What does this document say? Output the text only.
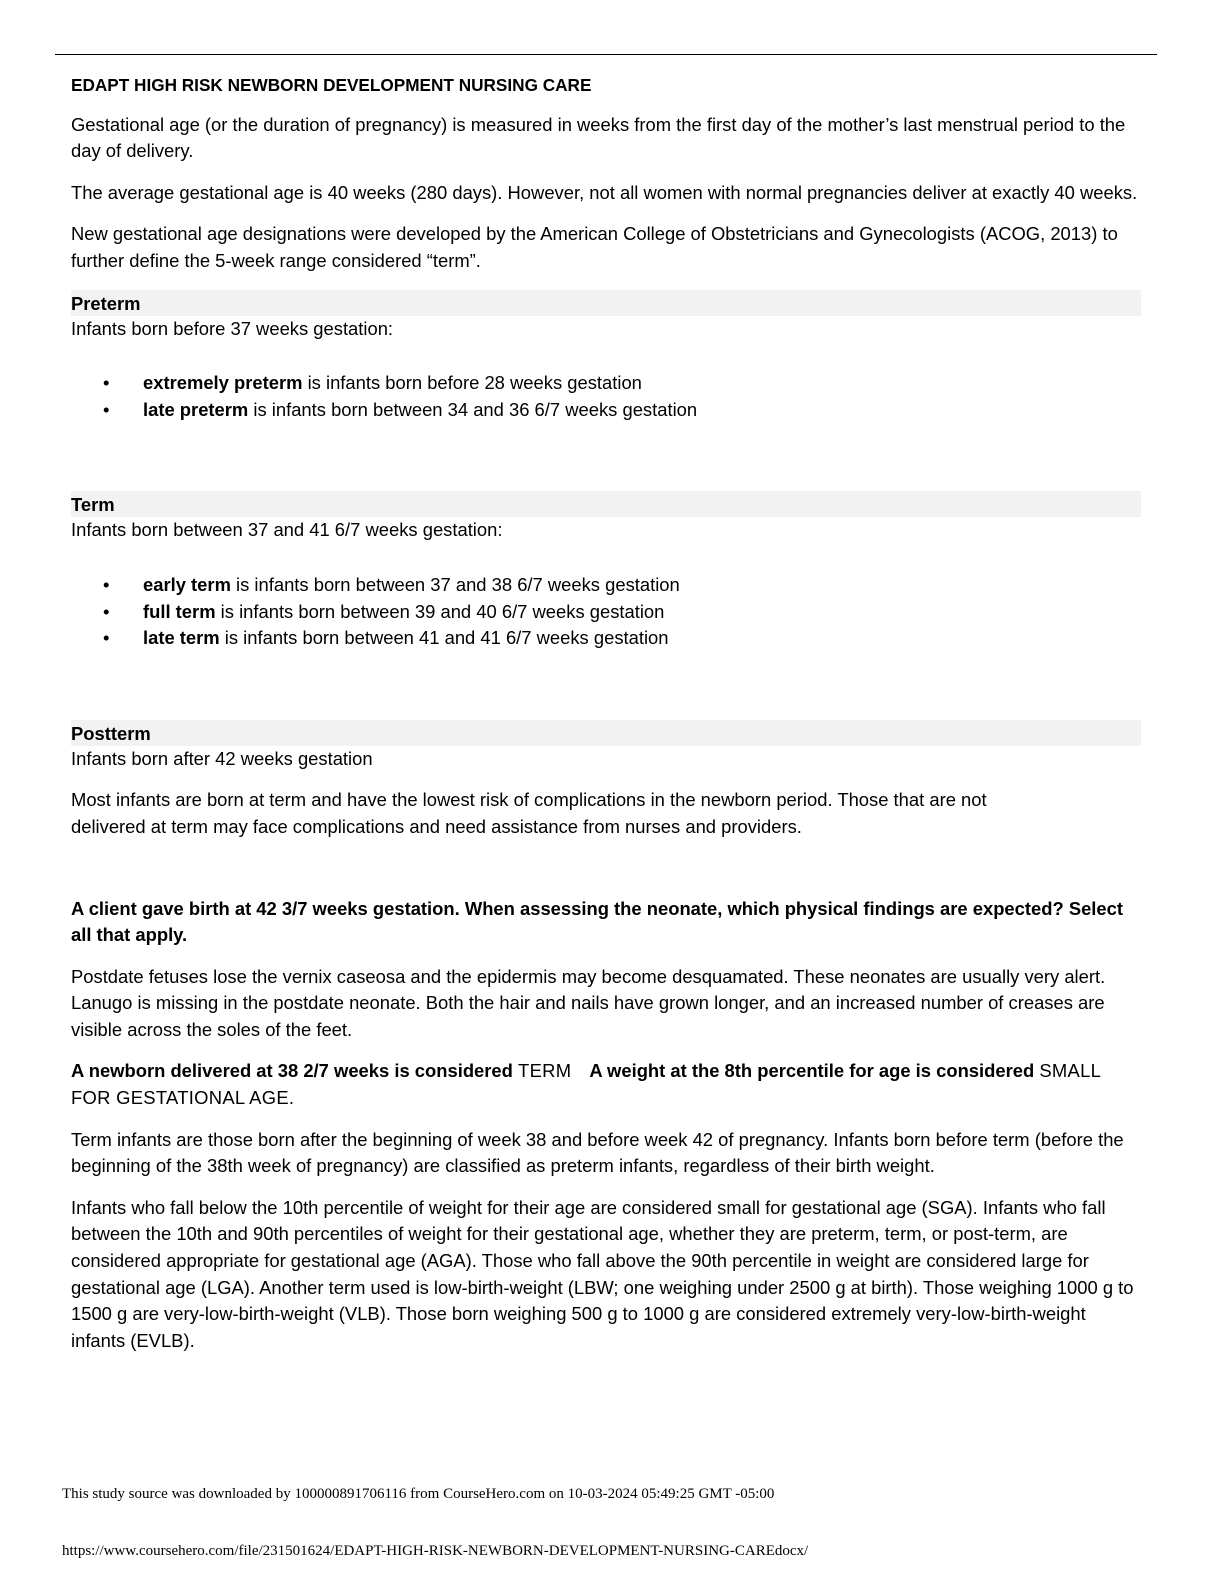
EDAPT HIGH RISK NEWBORN DEVELOPMENT NURSING CARE

Gestational age (or the duration of pregnancy) is measured in weeks from the first day of the mother’s last menstrual period to the day of delivery.

The average gestational age is 40 weeks (280 days). However, not all women with normal pregnancies deliver at exactly 40 weeks.

New gestational age designations were developed by the American College of Obstetricians and Gynecologists (ACOG, 2013) to further define the 5-week range considered “term”.

Preterm
Infants born before 37 weeks gestation:
• extremely preterm is infants born before 28 weeks gestation
• late preterm is infants born between 34 and 36 6/7 weeks gestation
Term
Infants born between 37 and 41 6/7 weeks gestation:
• early term is infants born between 37 and 38 6/7 weeks gestation
• full term is infants born between 39 and 40 6/7 weeks gestation
• late term is infants born between 41 and 41 6/7 weeks gestation
Postterm
Infants born after 42 weeks gestation

Most infants are born at term and have the lowest risk of complications in the newborn period. Those that are not delivered at term may face complications and need assistance from nurses and providers.

A client gave birth at 42 3/7 weeks gestation. When assessing the neonate, which physical findings are expected? Select all that apply.

Postdate fetuses lose the vernix caseosa and the epidermis may become desquamated. These neonates are usually very alert. Lanugo is missing in the postdate neonate. Both the hair and nails have grown longer, and an increased number of creases are visible across the soles of the feet.

A newborn delivered at 38 2/7 weeks is considered TERM A weight at the 8th percentile for age is considered SMALL FOR GESTATIONAL AGE.

Term infants are those born after the beginning of week 38 and before week 42 of pregnancy. Infants born before term (before the beginning of the 38th week of pregnancy) are classified as preterm infants, regardless of their birth weight.

Infants who fall below the 10th percentile of weight for their age are considered small for gestational age (SGA). Infants who fall between the 10th and 90th percentiles of weight for their gestational age, whether they are preterm, term, or post-term, are considered appropriate for gestational age (AGA). Those who fall above the 90th percentile in weight are considered large for gestational age (LGA). Another term used is low-birth-weight (LBW; one weighing under 2500 g at birth). Those weighing 1000 g to 1500 g are very-low-birth-weight (VLB). Those born weighing 500 g to 1000 g are considered extremely very-low-birth-weight infants (EVLB).

This study source was downloaded by 100000891706116 from CourseHero.com on 10-03-2024 05:49:25 GMT -05:00
https://www.coursehero.com/file/231501624/EDAPT-HIGH-RISK-NEWBORN-DEVELOPMENT-NURSING-CAREdocx/
